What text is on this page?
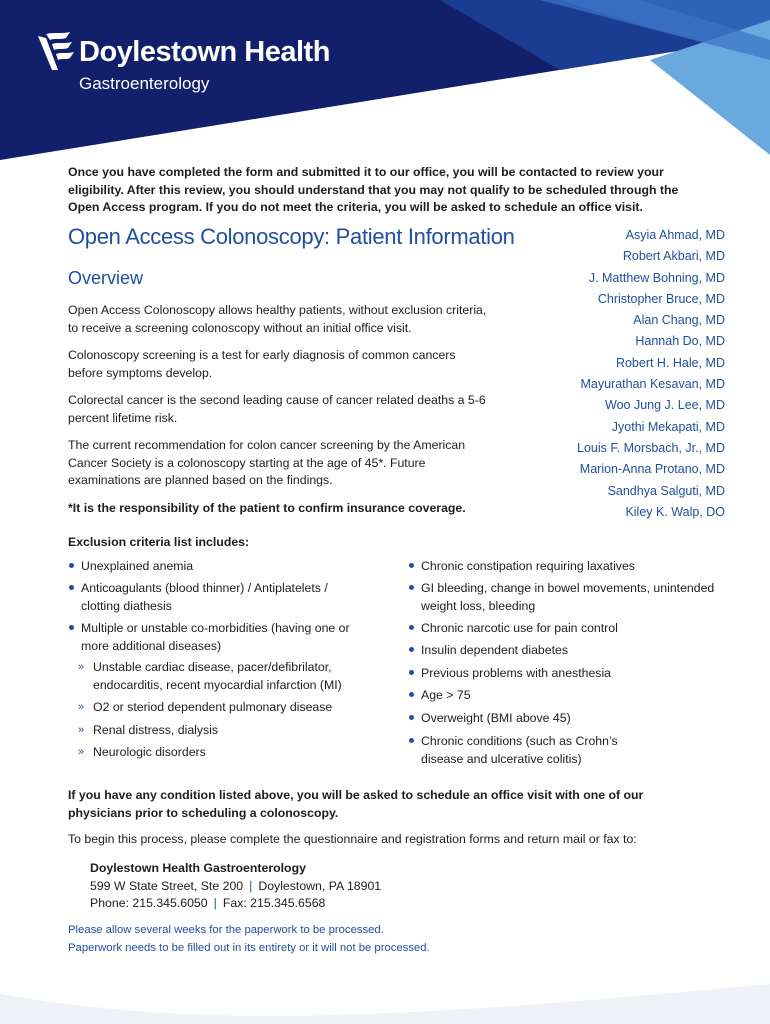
Doylestown Health
Gastroenterology
Once you have completed the form and submitted it to our office, you will be contacted to review your eligibility. After this review, you should understand that you may not qualify to be scheduled through the Open Access program. If you do not meet the criteria, you will be asked to schedule an office visit.
Open Access Colonoscopy: Patient Information
Overview
Open Access Colonoscopy allows healthy patients, without exclusion criteria, to receive a screening colonoscopy without an initial office visit.
Colonoscopy screening is a test for early diagnosis of common cancers before symptoms develop.
Colorectal cancer is the second leading cause of cancer related deaths a 5-6 percent lifetime risk.
The current recommendation for colon cancer screening by the American Cancer Society is a colonoscopy starting at the age of 45*. Future examinations are planned based on the findings.
*It is the responsibility of the patient to confirm insurance coverage.
Asyia Ahmad, MD
Robert Akbari, MD
J. Matthew Bohning, MD
Christopher Bruce, MD
Alan Chang, MD
Hannah Do, MD
Robert H. Hale, MD
Mayurathan Kesavan, MD
Woo Jung J. Lee, MD
Jyothi Mekapati, MD
Louis F. Morsbach, Jr., MD
Marion-Anna Protano, MD
Sandhya Salguti, MD
Kiley K. Walp, DO
Exclusion criteria list includes:
Unexplained anemia
Anticoagulants (blood thinner) / Antiplatelets / clotting diathesis
Multiple or unstable co-morbidities (having one or more additional diseases)
» Unstable cardiac disease, pacer/defibrilator, endocarditis, recent myocardial infarction (MI)
» O2 or steriod dependent pulmonary disease
» Renal distress, dialysis
» Neurologic disorders
Chronic constipation requiring laxatives
GI bleeding, change in bowel movements, unintended weight loss, bleeding
Chronic narcotic use for pain control
Insulin dependent diabetes
Previous problems with anesthesia
Age > 75
Overweight (BMI above 45)
Chronic conditions (such as Crohn’s disease and ulcerative colitis)
If you have any condition listed above, you will be asked to schedule an office visit with one of our physicians prior to scheduling a colonoscopy.
To begin this process, please complete the questionnaire and registration forms and return mail or fax to:
Doylestown Health Gastroenterology
599 W State Street, Ste 200 | Doylestown, PA 18901
Phone: 215.345.6050 | Fax: 215.345.6568
Please allow several weeks for the paperwork to be processed.
Paperwork needs to be filled out in its entirety or it will not be processed.
